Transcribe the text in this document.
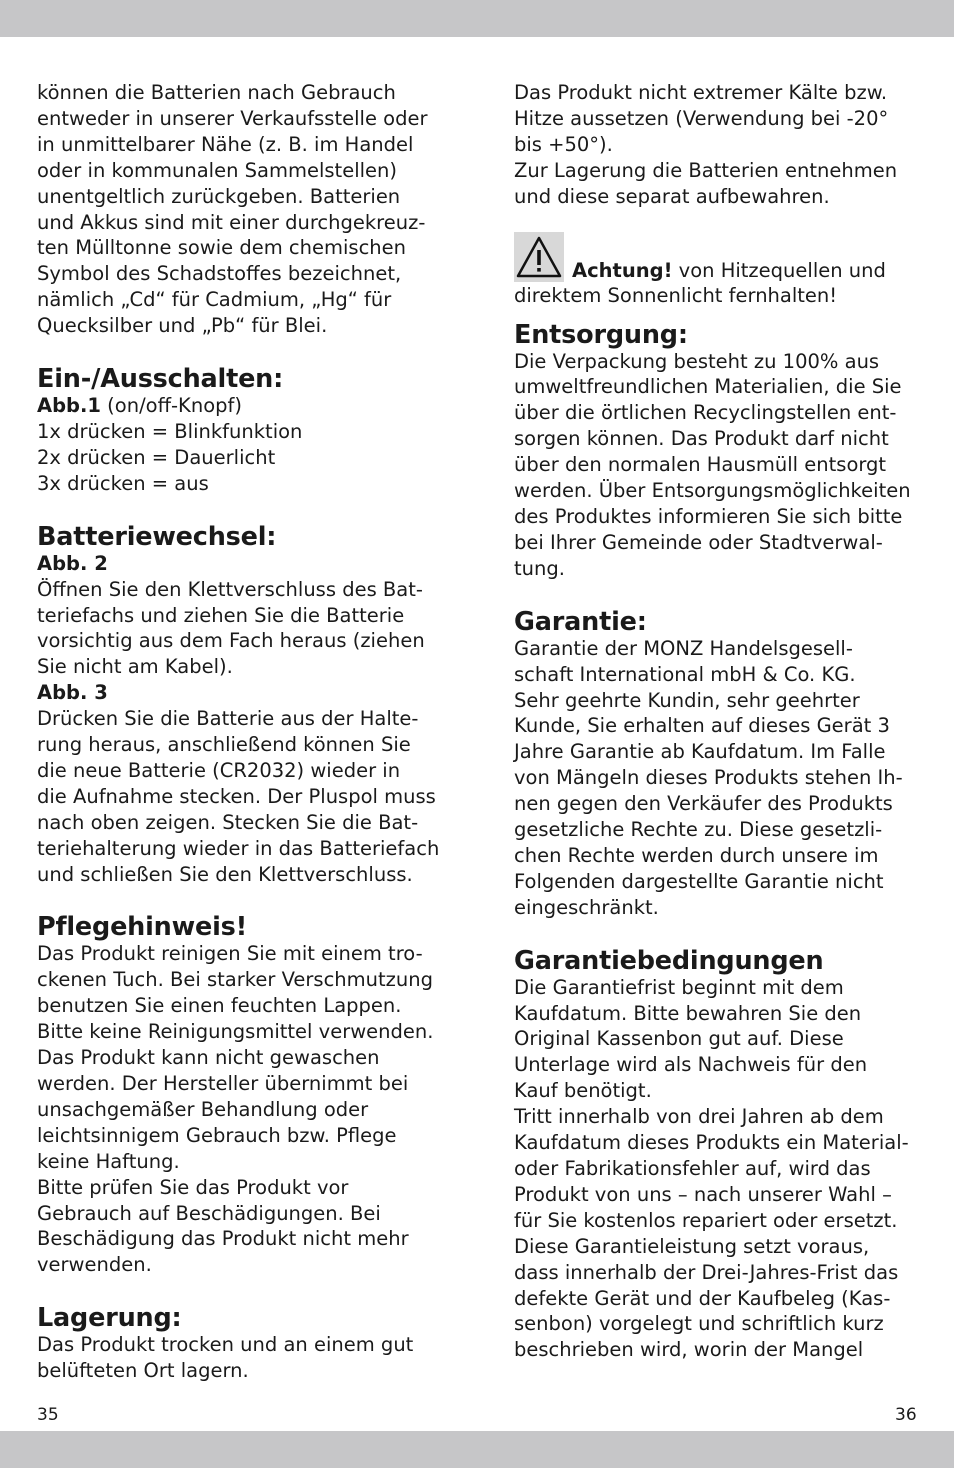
können die Batterien nach Gebrauch
entweder in unserer Verkaufsstelle oder
in unmittelbarer Nähe (z. B. im Handel
oder in kommunalen Sammelstellen)
unentgeltlich zurückgeben. Batterien
und Akkus sind mit einer durchgekreuz-
ten Mülltonne sowie dem chemischen
Symbol des Schadstoffes bezeichnet,
nämlich „Cd“ für Cadmium, „Hg“ für
Quecksilber und „Pb“ für Blei.

Ein-/Ausschalten:
Abb.1 (on/off-Knopf)

1x drücken = Blinkfunktion
2x drücken = Dauerlicht
3x drücken = aus

Batteriewechsel:
Abb. 2

Öffnen Sie den Klettverschluss des Bat-
teriefachs und ziehen Sie die Batterie
vorsichtig aus dem Fach heraus (ziehen
Sie nicht am Kabel).

Abb. 3

Drücken Sie die Batterie aus der Halte-
rung heraus, anschließend können Sie
die neue Batterie (CR2032) wieder in
die Aufnahme stecken. Der Pluspol muss
nach oben zeigen. Stecken Sie die Bat-
teriehalterung wieder in das Batteriefach
und schließen Sie den Klettverschluss.

Pflegehinweis!

Das Produkt reinigen Sie mit einem tro-
ckenen Tuch. Bei starker Verschmutzung
benutzen Sie einen feuchten Lappen.
Bitte keine Reinigungsmittel verwenden.
Das Produkt kann nicht gewaschen
werden. Der Hersteller übernimmt bei
unsachgemäßer Behandlung oder
leichtsinnigem Gebrauch bzw. Pflege
keine Haftung.
Bitte prüfen Sie das Produkt vor
Gebrauch auf Beschädigungen. Bei
Beschädigung das Produkt nicht mehr
verwenden.

Lagerung:

Das Produkt trocken und an einem gut
belüfteten Ort lagern.

Das Produkt nicht extremer Kälte bzw.
Hitze aussetzen (Verwendung bei -20°
bis +50°).
Zur Lagerung die Batterien entnehmen
und diese separat aufbewahren.

Achtung! von Hitzequellen und
direktem Sonnenlicht fernhalten!

Entsorgung:

Die Verpackung besteht zu 100% aus
umweltfreundlichen Materialien, die Sie
über die örtlichen Recyclingstellen ent-
sorgen können. Das Produkt darf nicht
über den normalen Hausmüll entsorgt
werden. Über Entsorgungsmöglichkeiten
des Produktes informieren Sie sich bitte
bei Ihrer Gemeinde oder Stadtverwal-
tung.

Garantie:

Garantie der MONZ Handelsgesell-
schaft International mbH & Co. KG.
Sehr geehrte Kundin, sehr geehrter
Kunde, Sie erhalten auf dieses Gerät 3
Jahre Garantie ab Kaufdatum. Im Falle
von Mängeln dieses Produkts stehen Ih-
nen gegen den Verkäufer des Produkts
gesetzliche Rechte zu. Diese gesetzli-
chen Rechte werden durch unsere im
Folgenden dargestellte Garantie nicht
eingeschränkt.

Garantiebedingungen

Die Garantiefrist beginnt mit dem
Kaufdatum. Bitte bewahren Sie den
Original Kassenbon gut auf. Diese
Unterlage wird als Nachweis für den
Kauf benötigt.
Tritt innerhalb von drei Jahren ab dem
Kaufdatum dieses Produkts ein Material-
oder Fabrikationsfehler auf, wird das
Produkt von uns – nach unserer Wahl –
für Sie kostenlos repariert oder ersetzt.
Diese Garantieleistung setzt voraus,
dass innerhalb der Drei-Jahres-Frist das
defekte Gerät und der Kaufbeleg (Kas-
senbon) vorgelegt und schriftlich kurz
beschrieben wird, worin der Mangel

35	36
